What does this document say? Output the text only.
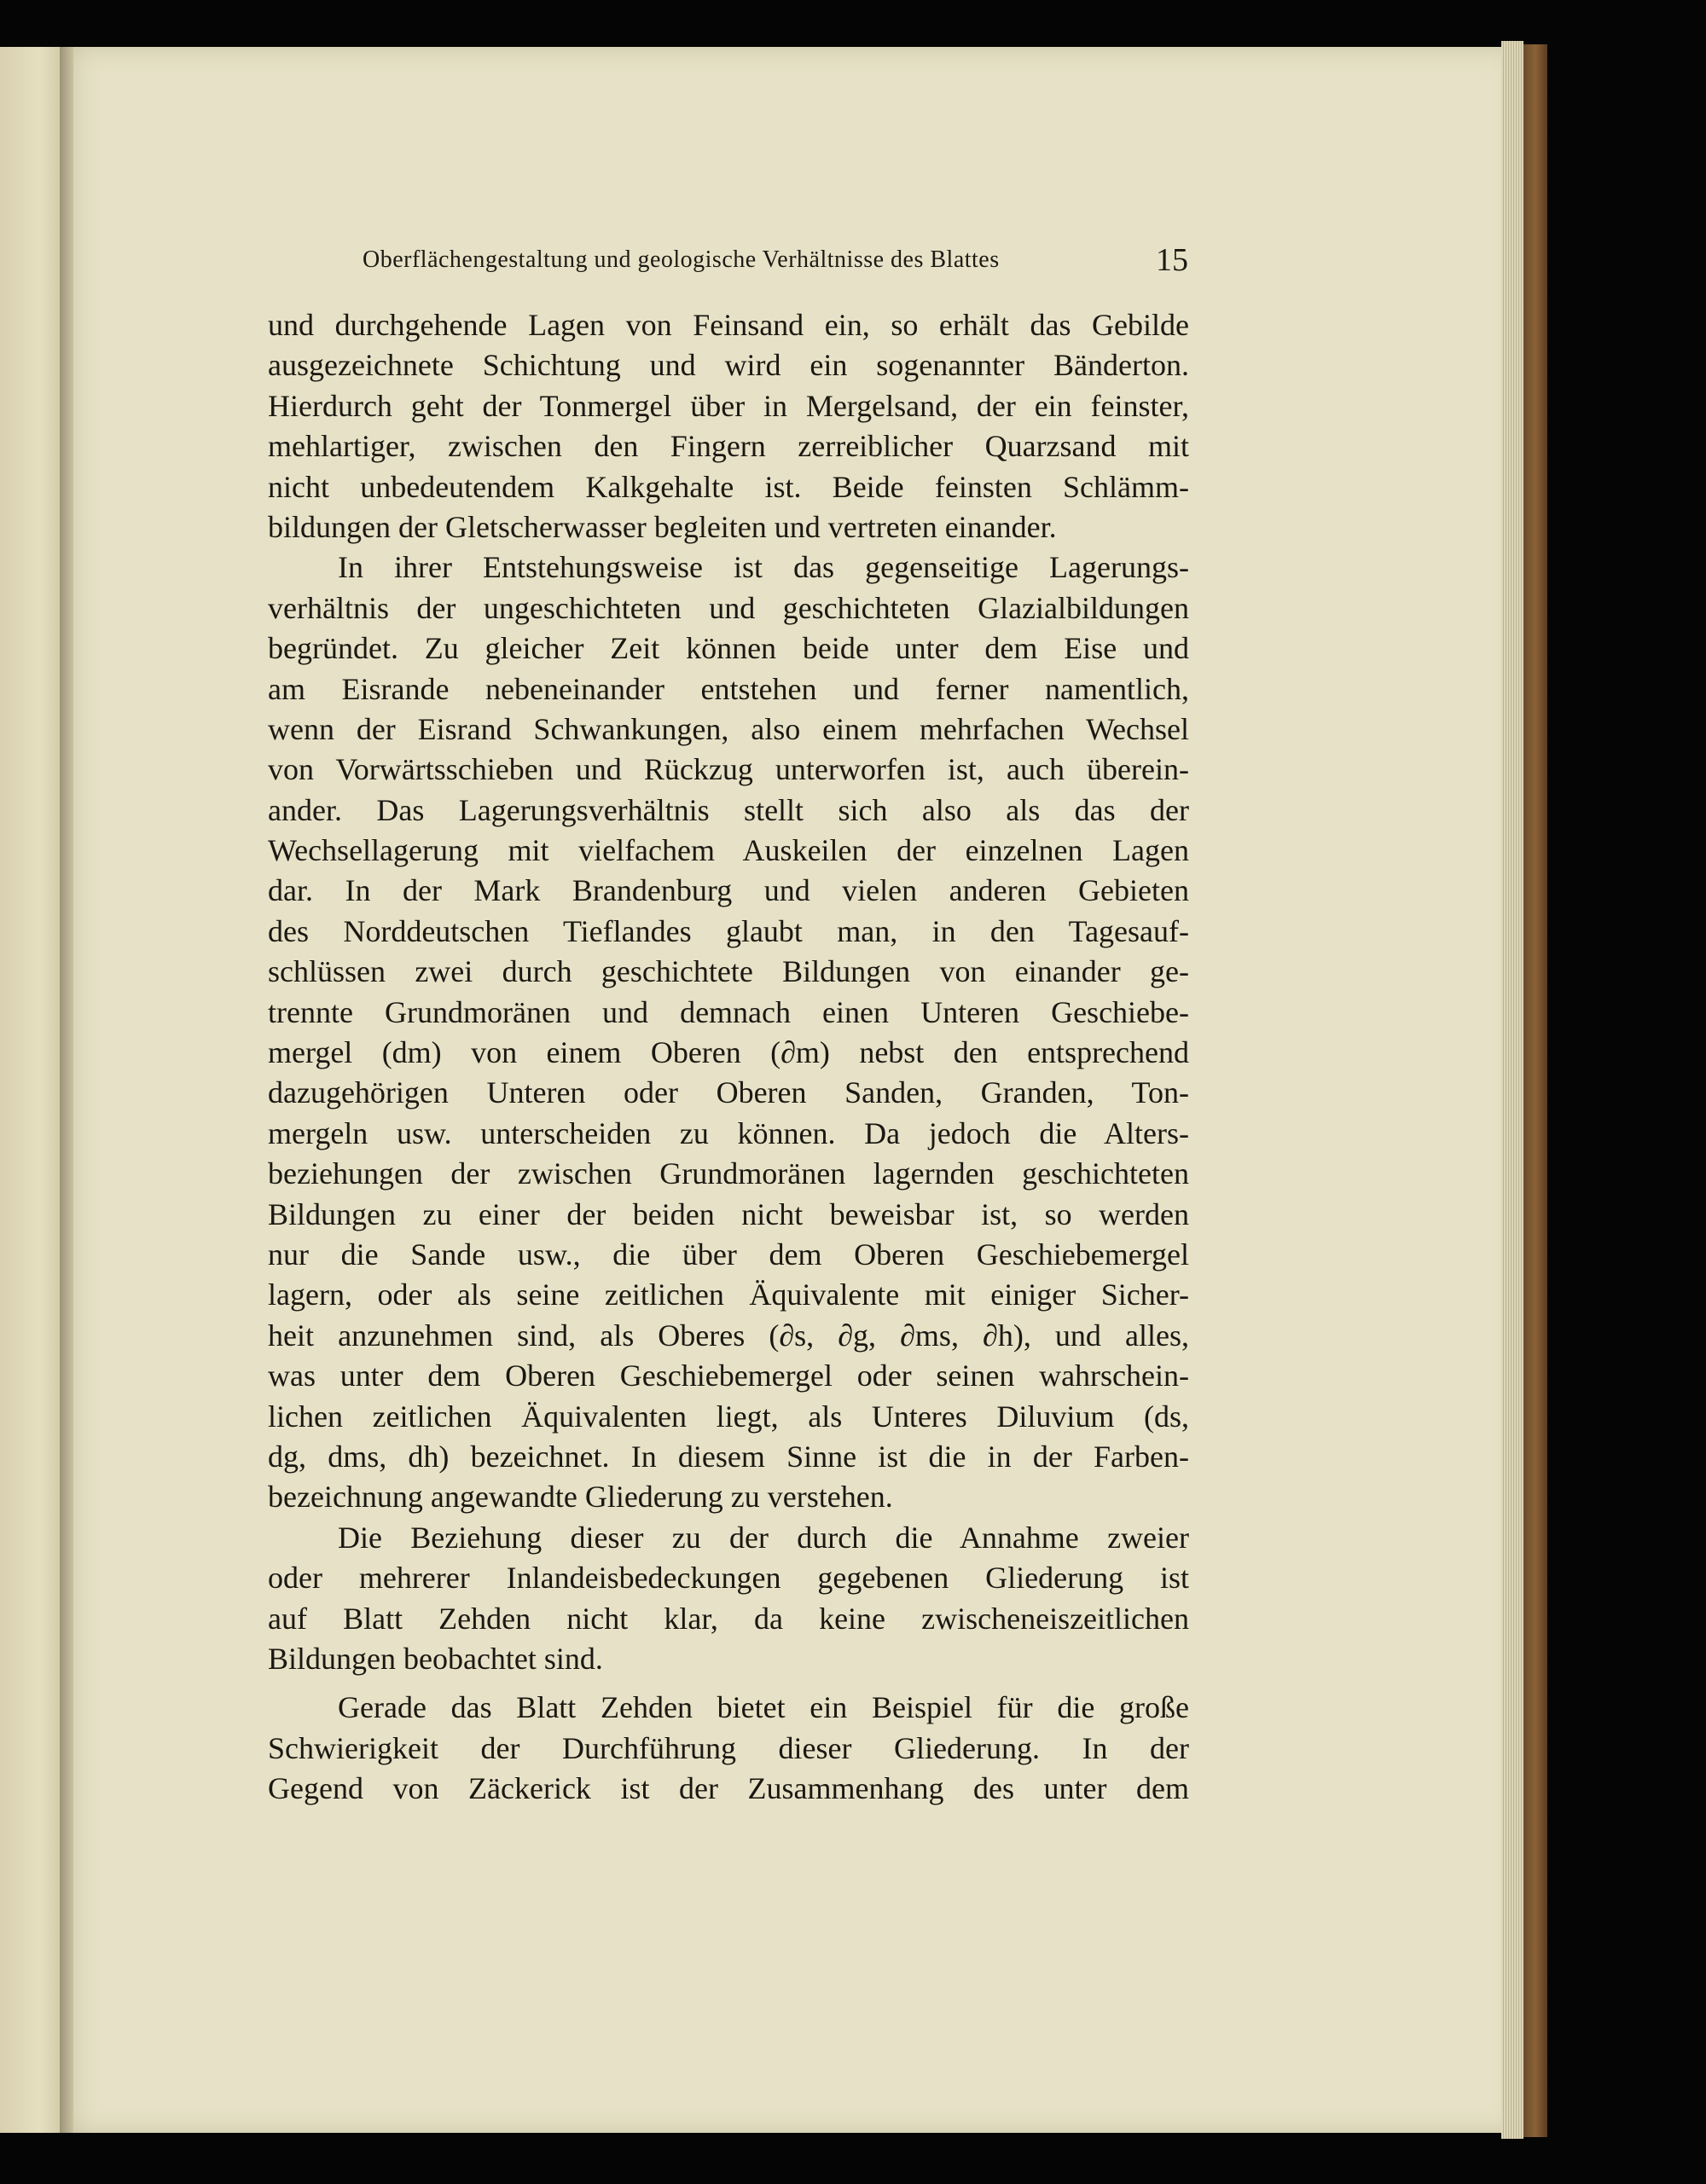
Oberflächengestaltung und geologische Verhältnisse des Blattes	15
und durchgehende Lagen von Feinsand ein, so erhält das Gebilde
ausgezeichnete Schichtung und wird ein sogenannter Bänderton.
Hierdurch geht der Tonmergel über in Mergelsand, der ein feinster,
mehlartiger, zwischen den Fingern zerreiblicher Quarzsand mit
nicht unbedeutendem Kalkgehalte ist. Beide feinsten Schlämm-
bildungen der Gletscherwasser begleiten und vertreten einander.
In ihrer Entstehungsweise ist das gegenseitige Lagerungs-
verhältnis der ungeschichteten und geschichteten Glazialbildungen
begründet. Zu gleicher Zeit können beide unter dem Eise und
am Eisrande nebeneinander entstehen und ferner namentlich,
wenn der Eisrand Schwankungen, also einem mehrfachen Wechsel
von Vorwärtsschieben und Rückzug unterworfen ist, auch überein-
ander. Das Lagerungsverhältnis stellt sich also als das der
Wechsellagerung mit vielfachem Auskeilen der einzelnen Lagen
dar. In der Mark Brandenburg und vielen anderen Gebieten
des Norddeutschen Tieflandes glaubt man, in den Tagesauf-
schlüssen zwei durch geschichtete Bildungen von einander ge-
trennte Grundmoränen und demnach einen Unteren Geschiebe-
mergel (dm) von einem Oberen (∂m) nebst den entsprechend
dazugehörigen Unteren oder Oberen Sanden, Granden, Ton-
mergeln usw. unterscheiden zu können. Da jedoch die Alters-
beziehungen der zwischen Grundmoränen lagernden geschichteten
Bildungen zu einer der beiden nicht beweisbar ist, so werden
nur die Sande usw., die über dem Oberen Geschiebemergel
lagern, oder als seine zeitlichen Äquivalente mit einiger Sicher-
heit anzunehmen sind, als Oberes (∂s, ∂g, ∂ms, ∂h), und alles,
was unter dem Oberen Geschiebemergel oder seinen wahrschein-
lichen zeitlichen Äquivalenten liegt, als Unteres Diluvium (ds,
dg, dms, dh) bezeichnet. In diesem Sinne ist die in der Farben-
bezeichnung angewandte Gliederung zu verstehen.
Die Beziehung dieser zu der durch die Annahme zweier
oder mehrerer Inlandeisbedeckungen gegebenen Gliederung ist
auf Blatt Zehden nicht klar, da keine zwischeneiszeitlichen
Bildungen beobachtet sind.
Gerade das Blatt Zehden bietet ein Beispiel für die große
Schwierigkeit der Durchführung dieser Gliederung. In der
Gegend von Zäckerick ist der Zusammenhang des unter dem
